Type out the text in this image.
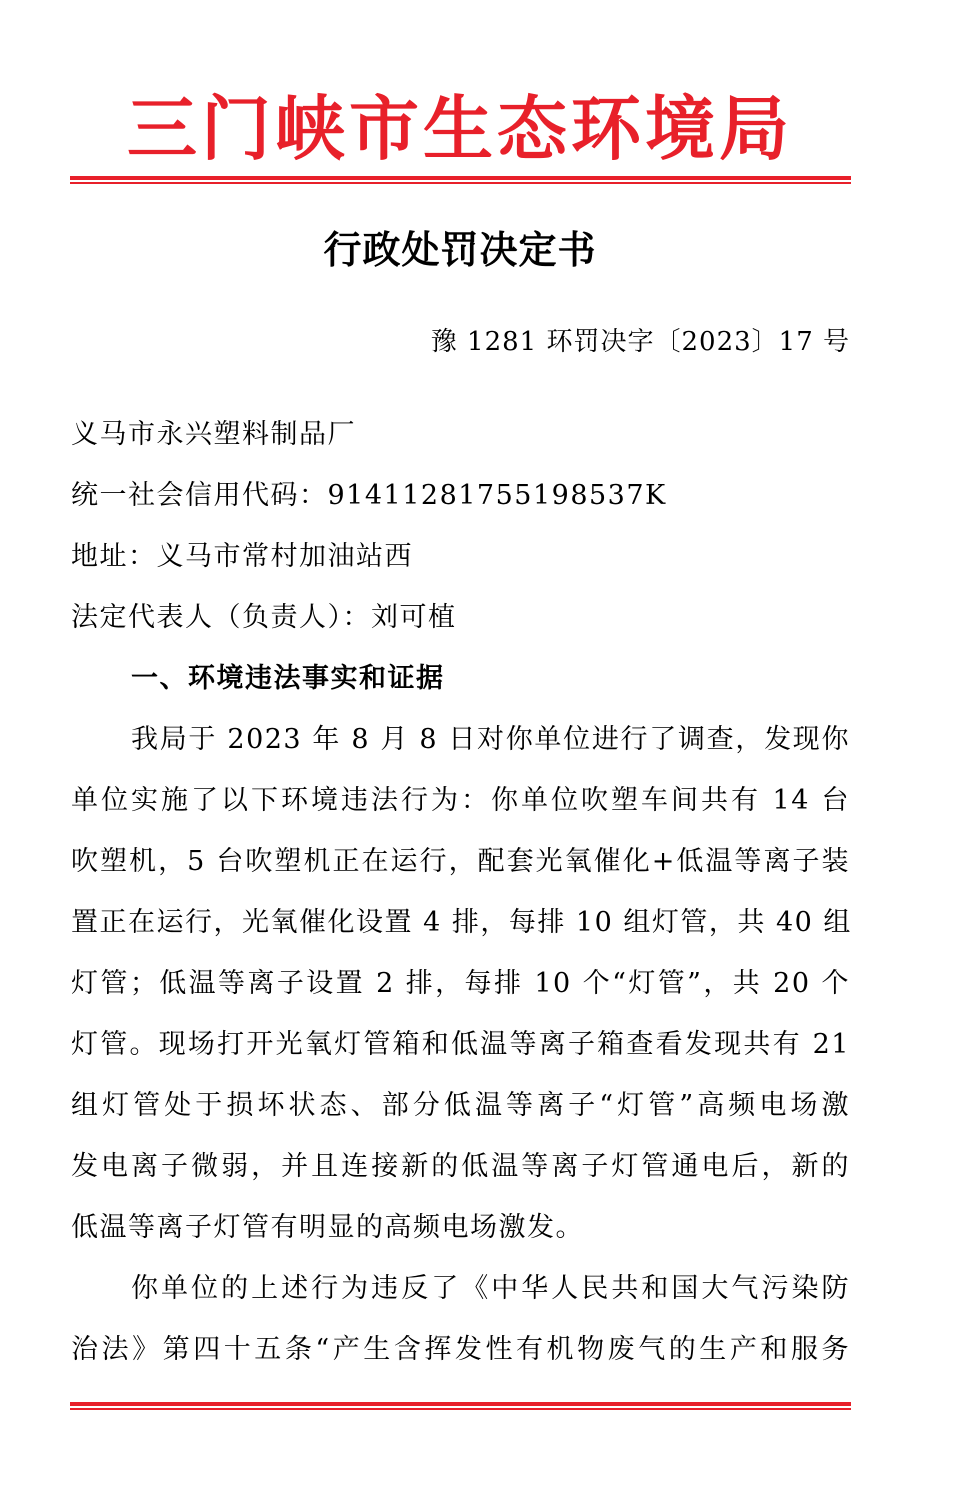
三门峡市生态环境局
行政处罚决定书
豫 1281 环罚决字〔2023〕17 号
义马市永兴塑料制品厂
统一社会信用代码：91411281755198537K
地址：义马市常村加油站西
法定代表人（负责人）：刘可植
一、环境违法事实和证据
我局于 2023 年 8 月 8 日对你单位进行了调查，发现你
单位实施了以下环境违法行为：你单位吹塑车间共有 14 台
吹塑机，5 台吹塑机正在运行，配套光氧催化+低温等离子装
置正在运行，光氧催化设置 4 排，每排 10 组灯管，共 40 组
灯管；低温等离子设置 2 排，每排 10 个“灯管”，共 20 个
灯管。现场打开光氧灯管箱和低温等离子箱查看发现共有 21
组灯管处于损坏状态、部分低温等离子“灯管”高频电场激
发电离子微弱，并且连接新的低温等离子灯管通电后，新的
低温等离子灯管有明显的高频电场激发。
你单位的上述行为违反了《中华人民共和国大气污染防
治法》第四十五条“产生含挥发性有机物废气的生产和服务
